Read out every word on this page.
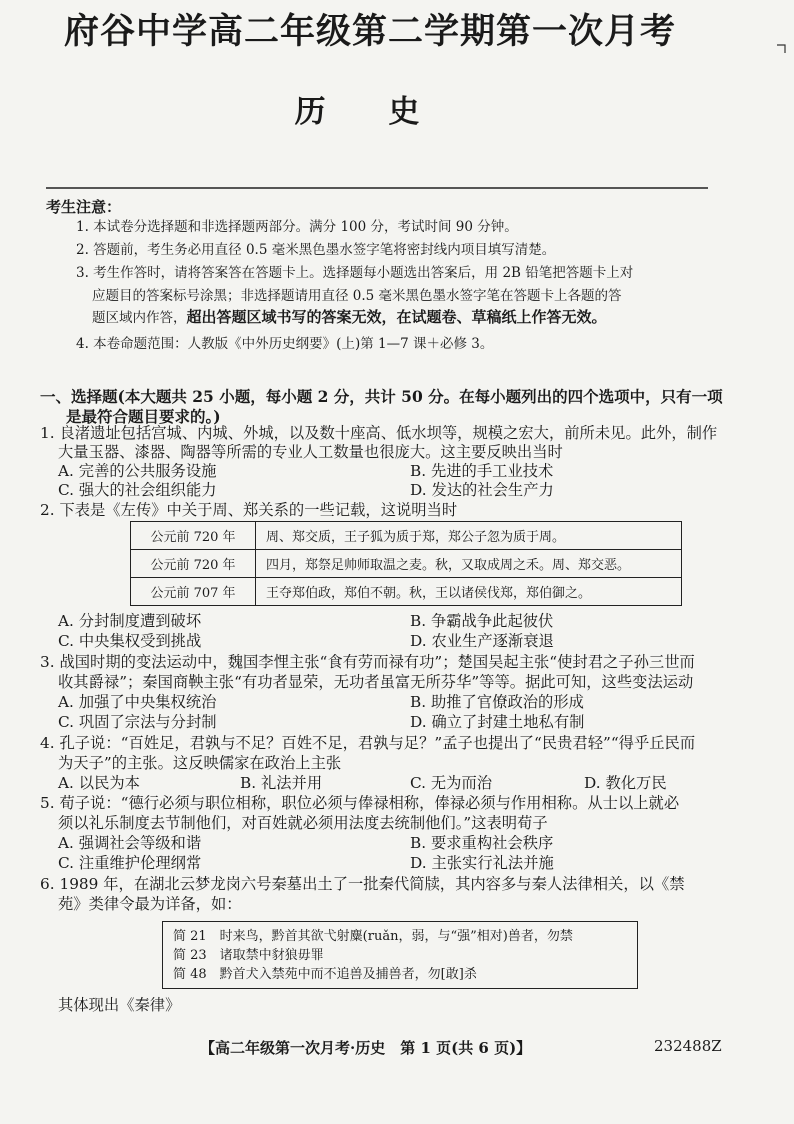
府谷中学高二年级第二学期第一次月考
历 史
考生注意：
1. 本试卷分选择题和非选择题两部分。满分 100 分，考试时间 90 分钟。
2. 答题前，考生务必用直径 0.5 毫米黑色墨水签字笔将密封线内项目填写清楚。
3. 考生作答时，请将答案答在答题卡上。选择题每小题选出答案后，用 2B 铅笔把答题卡上对
应题目的答案标号涂黑；非选择题请用直径 0.5 毫米黑色墨水签字笔在答题卡上各题的答
题区域内作答，超出答题区域书写的答案无效，在试题卷、草稿纸上作答无效。
4. 本卷命题范围：人教版《中外历史纲要》(上)第 1—7 课＋必修 3。
一、选择题(本大题共 25 小题，每小题 2 分，共计 50 分。在每小题列出的四个选项中，只有一项
是最符合题目要求的。)
1. 良渚遗址包括宫城、内城、外城，以及数十座高、低水坝等，规模之宏大，前所未见。此外，制作
大量玉器、漆器、陶器等所需的专业人工数量也很庞大。这主要反映出当时
A. 完善的公共服务设施	B. 先进的手工业技术
C. 强大的社会组织能力	D. 发达的社会生产力
2. 下表是《左传》中关于周、郑关系的一些记载，这说明当时
公元前 720 年	周、郑交质，王子狐为质于郑，郑公子忽为质于周。
公元前 720 年	四月，郑祭足帅师取温之麦。秋，又取成周之禾。周、郑交恶。
公元前 707 年	王夺郑伯政，郑伯不朝。秋，王以诸侯伐郑，郑伯御之。
A. 分封制度遭到破坏	B. 争霸战争此起彼伏
C. 中央集权受到挑战	D. 农业生产逐渐衰退
3. 战国时期的变法运动中，魏国李悝主张“食有劳而禄有功”；楚国吴起主张“使封君之子孙三世而
收其爵禄”；秦国商鞅主张“有功者显荣，无功者虽富无所芬华”等等。据此可知，这些变法运动
A. 加强了中央集权统治	B. 助推了官僚政治的形成
C. 巩固了宗法与分封制	D. 确立了封建土地私有制
4. 孔子说：“百姓足，君孰与不足？百姓不足，君孰与足？”孟子也提出了“民贵君轻”“得乎丘民而
为天子”的主张。这反映儒家在政治上主张
A. 以民为本	B. 礼法并用	C. 无为而治	D. 教化万民
5. 荀子说：“德行必须与职位相称，职位必须与俸禄相称，俸禄必须与作用相称。从士以上就必
须以礼乐制度去节制他们，对百姓就必须用法度去统制他们。”这表明荀子
A. 强调社会等级和谐	B. 要求重构社会秩序
C. 注重维护伦理纲常	D. 主张实行礼法并施
6. 1989 年，在湖北云梦龙岗六号秦墓出土了一批秦代简牍，其内容多与秦人法律相关，以《禁
苑》类律令最为详备，如：
简 21　时来鸟，黔首其欲弋射麋(ruǎn，弱，与“强”相对)兽者，勿禁
简 23　诸取禁中豺狼毋罪
简 48　黔首犬入禁苑中而不追兽及捕兽者，勿[敢]杀
其体现出《秦律》
【高二年级第一次月考·历史　第 1 页(共 6 页)】	232488Z
